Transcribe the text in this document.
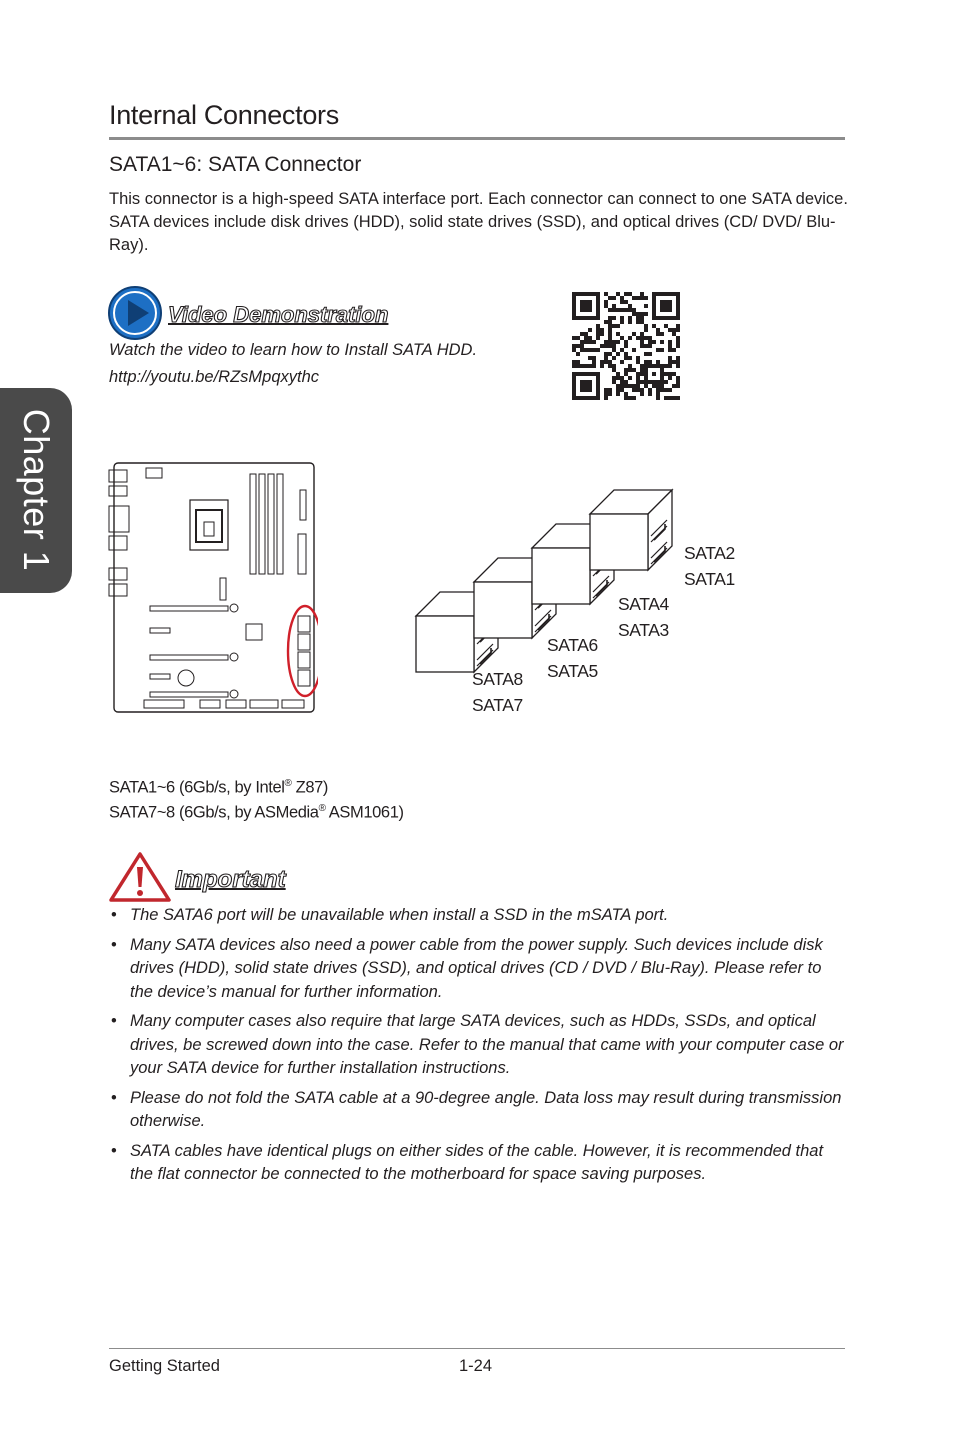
Chapter 1
Internal Connectors
SATA1~6: SATA Connector
This connector is a high-speed SATA interface port. Each connector can connect to one SATA device. SATA devices include disk drives (HDD), solid state drives (SSD), and optical drives (CD/ DVD/ Blu-Ray).
Video Demonstration
Watch the video to learn how to Install SATA HDD.
http://youtu.be/RZsMpqxythc
SATA2
SATA1
SATA4
SATA3
SATA6
SATA5
SATA8
SATA7
SATA1~6 (6Gb/s, by Intel® Z87)
SATA7~8 (6Gb/s, by ASMedia® ASM1061)
Important
• The SATA6 port will be unavailable when install a SSD in the mSATA port.
• Many SATA devices also need a power cable from the power supply. Such devices include disk drives (HDD), solid state drives (SSD), and optical drives (CD / DVD / Blu-Ray). Please refer to the device’s manual for further information.
• Many computer cases also require that large SATA devices, such as HDDs, SSDs, and optical drives, be screwed down into the case. Refer to the manual that came with your computer case or your SATA device for further installation instructions.
• Please do not fold the SATA cable at a 90-degree angle. Data loss may result during transmission otherwise.
• SATA cables have identical plugs on either sides of the cable. However, it is recommended that the flat connector be connected to the motherboard for space saving purposes.
Getting Started	1-24
